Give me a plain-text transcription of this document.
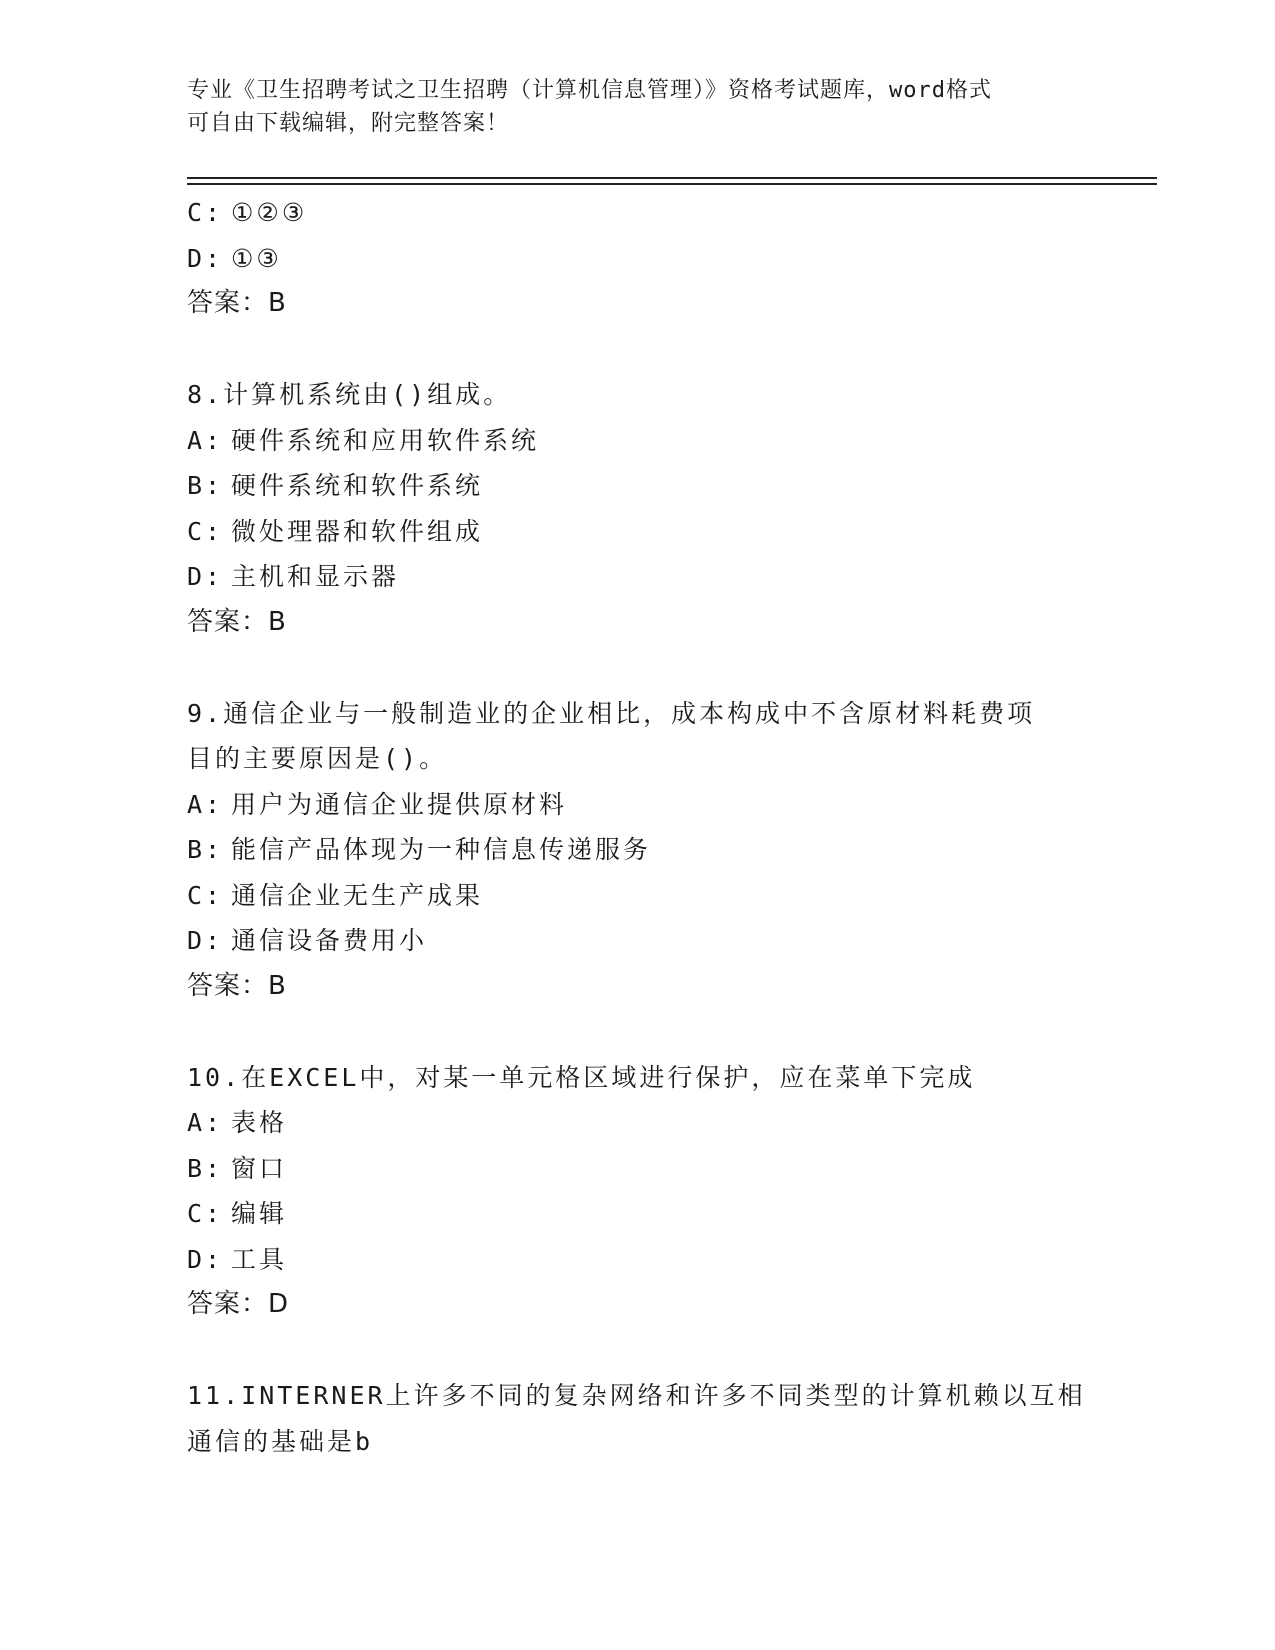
专业《卫生招聘考试之卫生招聘（计算机信息管理）》资格考试题库，word格式
可自由下载编辑，附完整答案！
C: ①②③
D: ①③
答案：B
8.计算机系统由()组成。
A: 硬件系统和应用软件系统
B: 硬件系统和软件系统
C: 微处理器和软件组成
D: 主机和显示器
答案：B
9.通信企业与一般制造业的企业相比，成本构成中不含原材料耗费项
目的主要原因是()。
A: 用户为通信企业提供原材料
B: 能信产品体现为一种信息传递服务
C: 通信企业无生产成果
D: 通信设备费用小
答案：B
10.在EXCEL中，对某一单元格区域进行保护，应在菜单下完成
A: 表格
B: 窗口
C: 编辑
D: 工具
答案：D
11.INTERNER上许多不同的复杂网络和许多不同类型的计算机赖以互相
通信的基础是b
